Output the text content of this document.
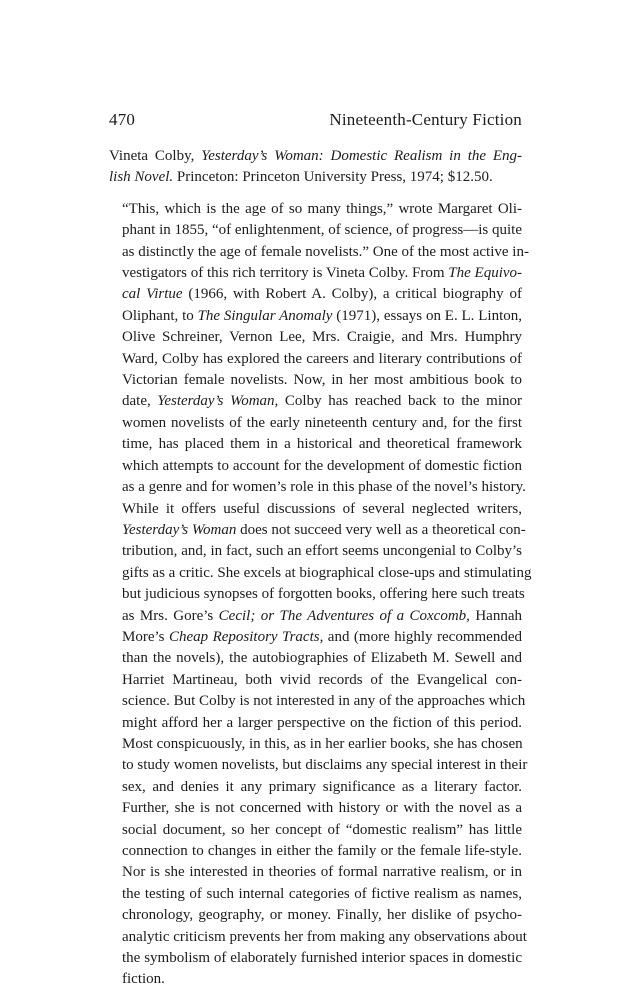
470	Nineteenth-Century Fiction
Vineta Colby, Yesterday’s Woman: Domestic Realism in the Eng-
lish Novel. Princeton: Princeton University Press, 1974; $12.50.
“This, which is the age of so many things,” wrote Margaret Oli-
phant in 1855, “of enlightenment, of science, of progress—is quite
as distinctly the age of female novelists.” One of the most active in-
vestigators of this rich territory is Vineta Colby. From The Equivo-
cal Virtue (1966, with Robert A. Colby), a critical biography of
Oliphant, to The Singular Anomaly (1971), essays on E. L. Linton,
Olive Schreiner, Vernon Lee, Mrs. Craigie, and Mrs. Humphry
Ward, Colby has explored the careers and literary contributions of
Victorian female novelists. Now, in her most ambitious book to
date, Yesterday’s Woman, Colby has reached back to the minor
women novelists of the early nineteenth century and, for the first
time, has placed them in a historical and theoretical framework
which attempts to account for the development of domestic fiction
as a genre and for women’s role in this phase of the novel’s history.
While it offers useful discussions of several neglected writers,
Yesterday’s Woman does not succeed very well as a theoretical con-
tribution, and, in fact, such an effort seems uncongenial to Colby’s
gifts as a critic. She excels at biographical close-ups and stimulating
but judicious synopses of forgotten books, offering here such treats
as Mrs. Gore’s Cecil; or The Adventures of a Coxcomb, Hannah
More’s Cheap Repository Tracts, and (more highly recommended
than the novels), the autobiographies of Elizabeth M. Sewell and
Harriet Martineau, both vivid records of the Evangelical con-
science. But Colby is not interested in any of the approaches which
might afford her a larger perspective on the fiction of this period.
Most conspicuously, in this, as in her earlier books, she has chosen
to study women novelists, but disclaims any special interest in their
sex, and denies it any primary significance as a literary factor.
Further, she is not concerned with history or with the novel as a
social document, so her concept of “domestic realism” has little
connection to changes in either the family or the female life-style.
Nor is she interested in theories of formal narrative realism, or in
the testing of such internal categories of fictive realism as names,
chronology, geography, or money. Finally, her dislike of psycho-
analytic criticism prevents her from making any observations about
the symbolism of elaborately furnished interior spaces in domestic
fiction.
